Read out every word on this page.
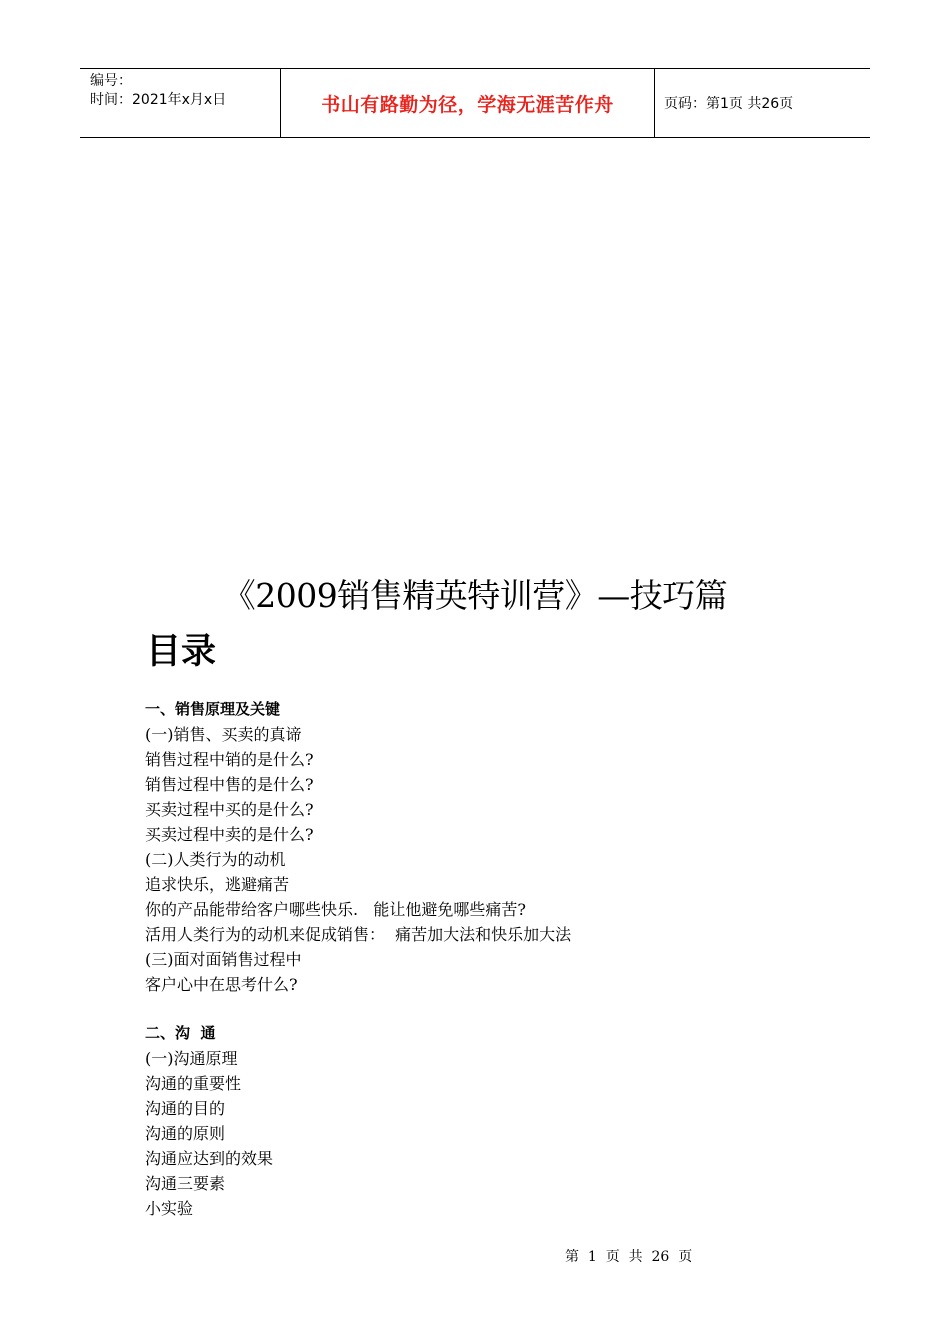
编号：
时间：2021年x月x日	书山有路勤为径，学海无涯苦作舟	页码：第1页 共26页
《2009销售精英特训营》—技巧篇
目录
一、销售原理及关键
(一)销售、买卖的真谛
销售过程中销的是什么?
销售过程中售的是什么?
买卖过程中买的是什么?
买卖过程中卖的是什么?
(二)人类行为的动机
追求快乐，逃避痛苦
你的产品能带给客户哪些快乐.   能让他避免哪些痛苦?
活用人类行为的动机来促成销售：  痛苦加大法和快乐加大法
(三)面对面销售过程中
客户心中在思考什么?
二、沟  通
(一)沟通原理
沟通的重要性
沟通的目的
沟通的原则
沟通应达到的效果
沟通三要素
小实验
第  1  页  共  26  页
